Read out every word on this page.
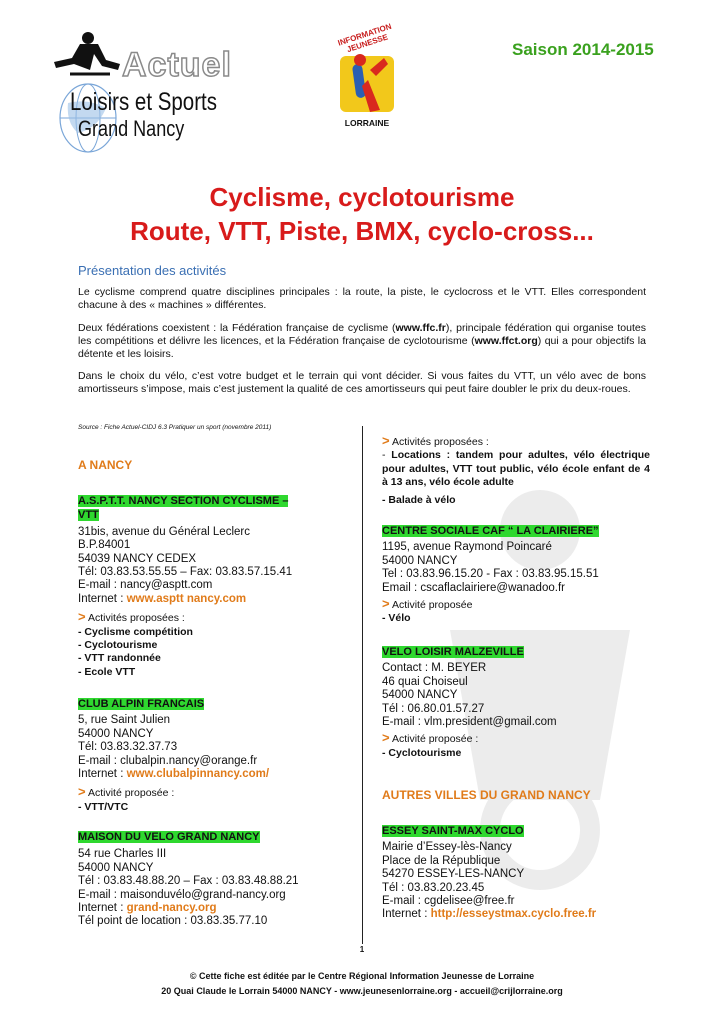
Actuel
Loisirs et Sports
Grand Nancy
INFORMATION JEUNESSE
LORRAINE
Saison 2014-2015
Cyclisme, cyclotourisme
Route, VTT, Piste, BMX, cyclo-cross...
Présentation des activités
Le cyclisme comprend quatre disciplines principales : la route, la piste, le cyclocross et le VTT. Elles correspondent chacune à des « machines » différentes.
Deux fédérations coexistent : la Fédération française de cyclisme (www.ffc.fr), principale fédération qui organise toutes les compétitions et délivre les licences, et la Fédération française de cyclotourisme (www.ffct.org) qui a pour objectifs la détente et les loisirs.
Dans le choix du vélo, c’est votre budget et le terrain qui vont décider. Si vous faites du VTT, un vélo avec de bons amortisseurs s’impose, mais c’est justement la qualité de ces amortisseurs qui peut faire doubler le prix du deux-roues.
Source : Fiche Actuel-CIDJ 6.3 Pratiquer un sport (novembre 2011)
A NANCY
A.S.P.T.T. NANCY SECTION CYCLISME –
VTT
31bis, avenue du Général Leclerc
B.P.84001
54039 NANCY CEDEX
Tél: 03.83.53.55.55 – Fax: 03.83.57.15.41
E-mail : nancy@asptt.com
Internet : www.asptt nancy.com
> Activités proposées :
- Cyclisme compétition
- Cyclotourisme
- VTT randonnée
- Ecole VTT
CLUB ALPIN FRANCAIS
5, rue Saint Julien
54000 NANCY
Tél: 03.83.32.37.73
E-mail : clubalpin.nancy@orange.fr
Internet : www.clubalpinnancy.com/
> Activité proposée :
- VTT/VTC
MAISON DU VELO GRAND NANCY
54 rue Charles III
54000 NANCY
Tél : 03.83.48.88.20 – Fax : 03.83.48.88.21
E-mail : maisonduvélo@grand-nancy.org
Internet : grand-nancy.org
Tél point de location : 03.83.35.77.10
> Activités proposées :
- Locations : tandem pour adultes, vélo électrique pour adultes, VTT tout public, vélo école enfant de 4 à 13 ans, vélo école adulte
- Balade à vélo
CENTRE SOCIALE CAF “ LA CLAIRIERE”
1195, avenue Raymond Poincaré
54000 NANCY
Tel : 03.83.96.15.20 - Fax : 03.83.95.15.51
Email : cscaflaclairiere@wanadoo.fr
> Activité proposée
- Vélo
VELO LOISIR MALZEVILLE
Contact : M. BEYER
46 quai Choiseul
54000 NANCY
Tél : 06.80.01.57.27
E-mail : vlm.president@gmail.com
> Activité proposée :
- Cyclotourisme
AUTRES VILLES DU GRAND NANCY
ESSEY SAINT-MAX CYCLO
Mairie d’Essey-lès-Nancy
Place de la République
54270 ESSEY-LES-NANCY
Tél : 03.83.20.23.45
E-mail : cgdelisee@free.fr
Internet : http://esseystmax.cyclo.free.fr
1
© Cette fiche est éditée par le Centre Régional Information Jeunesse de Lorraine
20 Quai Claude le Lorrain 54000 NANCY - www.jeunesenlorraine.org - accueil@crijlorraine.org
